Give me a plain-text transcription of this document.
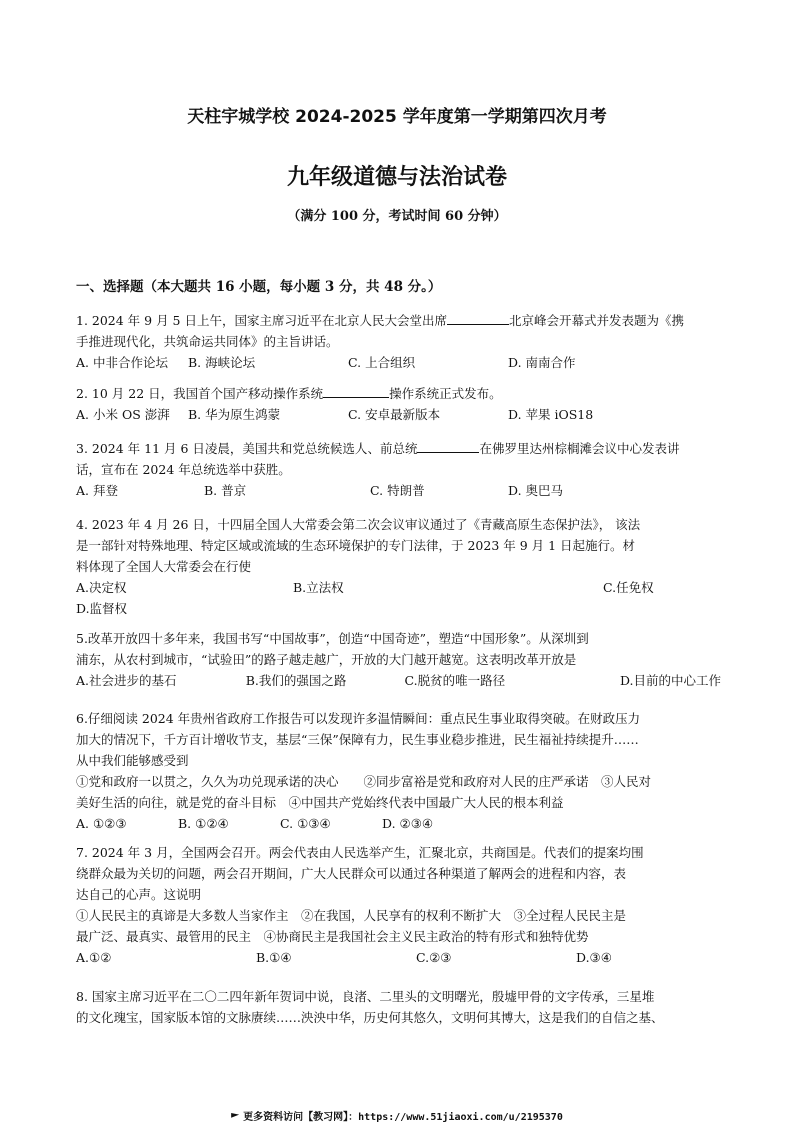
天柱宇城学校 2024-2025 学年度第一学期第四次月考
九年级道德与法治试卷
（满分 100 分，考试时间 60 分钟）
一、选择题（本大题共 16 小题，每小题 3 分，共 48 分。）

1. 2024 年 9 月 5 日上午，国家主席习近平在北京人民大会堂出席	北京峰会开幕式并发表题为《携

手推进现代化，共筑命运共同体》的主旨讲话。

A. 中非合作论坛	B. 海峡论坛	C. 上合组织	D. 南南合作

2. 10 月 22 日，我国首个国产移动操作系统	操作系统正式发布。

A. 小米 OS 澎湃	B. 华为原生鸿蒙	C. 安卓最新版本	D. 苹果 iOS18

3. 2024 年 11 月 6 日凌晨，美国共和党总统候选人、前总统	在佛罗里达州棕榈滩会议中心发表讲

话，宣布在 2024 年总统选举中获胜。

A. 拜登	B. 普京	C. 特朗普	D. 奥巴马

4. 2023 年 4 月 26 日，十四届全国人大常委会第二次会议审议通过了《青藏高原生态保护法》， 该法

是一部针对特殊地理、特定区域或流域的生态环境保护的专门法律，于 2023 年 9 月 1 日起施行。材

料体现了全国人大常委会在行使

A.决定权	B.立法权	C.任免权

D.监督权

5.改革开放四十多年来，我国书写“中国故事”，创造“中国奇迹”，塑造“中国形象”。从深圳到

浦东，从农村到城市，“试验田”的路子越走越广，开放的大门越开越宽。这表明改革开放是

A.社会进步的基石	B.我们的强国之路	C.脱贫的唯一路径	D.目前的中心工作

6.仔细阅读 2024 年贵州省政府工作报告可以发现许多温情瞬间：重点民生事业取得突破。在财政压力

加大的情况下，千方百计增收节支，基层“三保”保障有力，民生事业稳步推进，民生福祉持续提升……

从中我们能够感受到

①党和政府一以贯之，久久为功兑现承诺的决心　　②同步富裕是党和政府对人民的庄严承诺　③人民对

美好生活的向往，就是党的奋斗目标　④中国共产党始终代表中国最广大人民的根本利益

A. ①②③	B. ①②④	C. ①③④	D. ②③④

7. 2024 年 3 月，全国两会召开。两会代表由人民选举产生，汇聚北京，共商国是。代表们的提案均围

绕群众最为关切的问题，两会召开期间，广大人民群众可以通过各种渠道了解两会的进程和内容，表

达自己的心声。这说明

①人民民主的真谛是大多数人当家作主　②在我国，人民享有的权利不断扩大　③全过程人民民主是

最广泛、最真实、最管用的民主　④协商民主是我国社会主义民主政治的特有形式和独特优势

A.①②	B.①④	C.②③	D.③④

8. 国家主席习近平在二〇二四年新年贺词中说，良渚、二里头的文明曙光，殷墟甲骨的文字传承，三星堆

的文化瑰宝，国家版本馆的文脉赓续……泱泱中华，历史何其悠久，文明何其博大，这是我们的自信之基、

更多资料访问【教习网】：https://www.51jiaoxi.com/u/2195370
